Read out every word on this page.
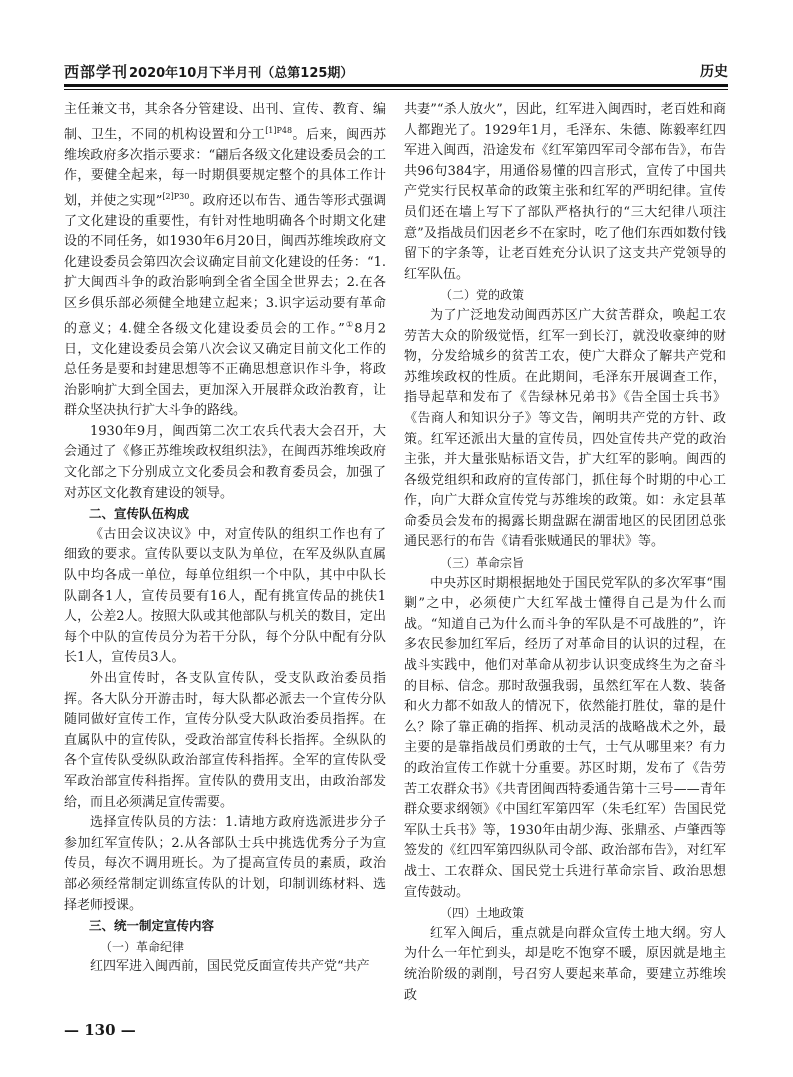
西部学刊 2020年10月下半月刊（总第125期）	历史

主任兼文书，其余各分管建设、出刊、宣传、教育、编制、卫生，不同的机构设置和分工$^{[1]P48}$。后来，闽西苏维埃政府多次指示要求：“翩后各级文化建设委员会的工作，要健全起来，每一时期俱要规定整个的具体工作计划，并使之实现”$^{[2]P30}$。政府还以布告、通告等形式强调了文化建设的重要性，有针对性地明确各个时期文化建设的不同任务，如1930年6月20日，闽西苏维埃政府文化建设委员会第四次会议确定目前文化建设的任务：“1.扩大闽西斗争的政治影响到全省全国全世界去；2.在各区乡俱乐部必须健全地建立起来；3.识字运动要有革命的意义；4.健全各级文化建设委员会的工作。”①8月2日，文化建设委员会第八次会议又确定目前文化工作的总任务是要和封建思想等不正确思想意识作斗争，将政治影响扩大到全国去，更加深入开展群众政治教育，让群众坚决执行扩大斗争的路线。

1930年9月，闽西第二次工农兵代表大会召开，大会通过了《修正苏维埃政权组织法》，在闽西苏维埃政府文化部之下分别成立文化委员会和教育委员会，加强了对苏区文化教育建设的领导。

二、宣传队伍构成

《古田会议决议》中，对宣传队的组织工作也有了细致的要求。宣传队要以支队为单位，在军及纵队直属队中均各成一单位，每单位组织一个中队，其中中队长队副各1人，宣传员要有16人，配有挑宣传品的挑伕1人，公差2人。按照大队或其他部队与机关的数目，定出每个中队的宣传员分为若干分队，每个分队中配有分队长1人，宣传员3人。

外出宣传时，各支队宣传队，受支队政治委员指挥。各大队分开游击时，每大队都必派去一个宣传分队随同做好宣传工作，宣传分队受大队政治委员指挥。在直属队中的宣传队，受政治部宣传科长指挥。全纵队的各个宣传队受纵队政治部宣传科指挥。全军的宣传队受军政治部宣传科指挥。宣传队的费用支出，由政治部发给，而且必须满足宣传需要。

选择宣传队员的方法：1.请地方政府选派进步分子参加红军宣传队；2.从各部队士兵中挑选优秀分子为宣传员，每次不调用班长。为了提高宣传员的素质，政治部必须经常制定训练宣传队的计划，印制训练材料、选择老师授课。

三、统一制定宣传内容

（一）革命纪律

红四军进入闽西前，国民党反面宣传共产党“共产

共妻”“杀人放火”，因此，红军进入闽西时，老百姓和商人都跑光了。1929年1月，毛泽东、朱德、陈毅率红四军进入闽西，沿途发布《红军第四军司令部布告》，布告共96句384字，用通俗易懂的四言形式，宣传了中国共产党实行民权革命的政策主张和红军的严明纪律。宣传员们还在墙上写下了部队严格执行的“三大纪律八项注意”及指战员们因老乡不在家时，吃了他们东西如数付钱留下的字条等，让老百姓充分认识了这支共产党领导的红军队伍。

（二）党的政策

为了广泛地发动闽西苏区广大贫苦群众，唤起工农劳苦大众的阶级觉悟，红军一到长汀，就没收豪绅的财物，分发给城乡的贫苦工农，使广大群众了解共产党和苏维埃政权的性质。在此期间，毛泽东开展调查工作，指导起草和发布了《告绿林兄弟书》《告全国士兵书》《告商人和知识分子》等文告，阐明共产党的方针、政策。红军还派出大量的宣传员，四处宣传共产党的政治主张，并大量张贴标语文告，扩大红军的影响。闽西的各级党组织和政府的宣传部门，抓住每个时期的中心工作，向广大群众宣传党与苏维埃的政策。如：永定县革命委员会发布的揭露长期盘踞在湖雷地区的民团团总张通民恶行的布告《请看张贼通民的罪状》等。

（三）革命宗旨

中央苏区时期根据地处于国民党军队的多次军事“围剿”之中，必须使广大红军战士懂得自己是为什么而战。“知道自己为什么而斗争的军队是不可战胜的”，许多农民参加红军后，经历了对革命目的认识的过程，在战斗实践中，他们对革命从初步认识变成终生为之奋斗的目标、信念。那时敌强我弱，虽然红军在人数、装备和火力都不如敌人的情况下，依然能打胜仗，靠的是什么？除了靠正确的指挥、机动灵活的战略战术之外，最主要的是靠指战员们勇敢的士气，士气从哪里来？有力的政治宣传工作就十分重要。苏区时期，发布了《告劳苦工农群众书》《共青团闽西特委通告第十三号——青年群众要求纲领》《中国红军第四军（朱毛红军）告国民党军队士兵书》等，1930年由胡少海、张鼎丞、卢肇西等签发的《红四军第四纵队司令部、政治部布告》，对红军战士、工农群众、国民党士兵进行革命宗旨、政治思想宣传鼓动。

（四）土地政策

红军入闽后，重点就是向群众宣传土地大纲。穷人为什么一年忙到头，却是吃不饱穿不暖，原因就是地主统治阶级的剥削，号召穷人要起来革命，要建立苏维埃政

— 130 —
